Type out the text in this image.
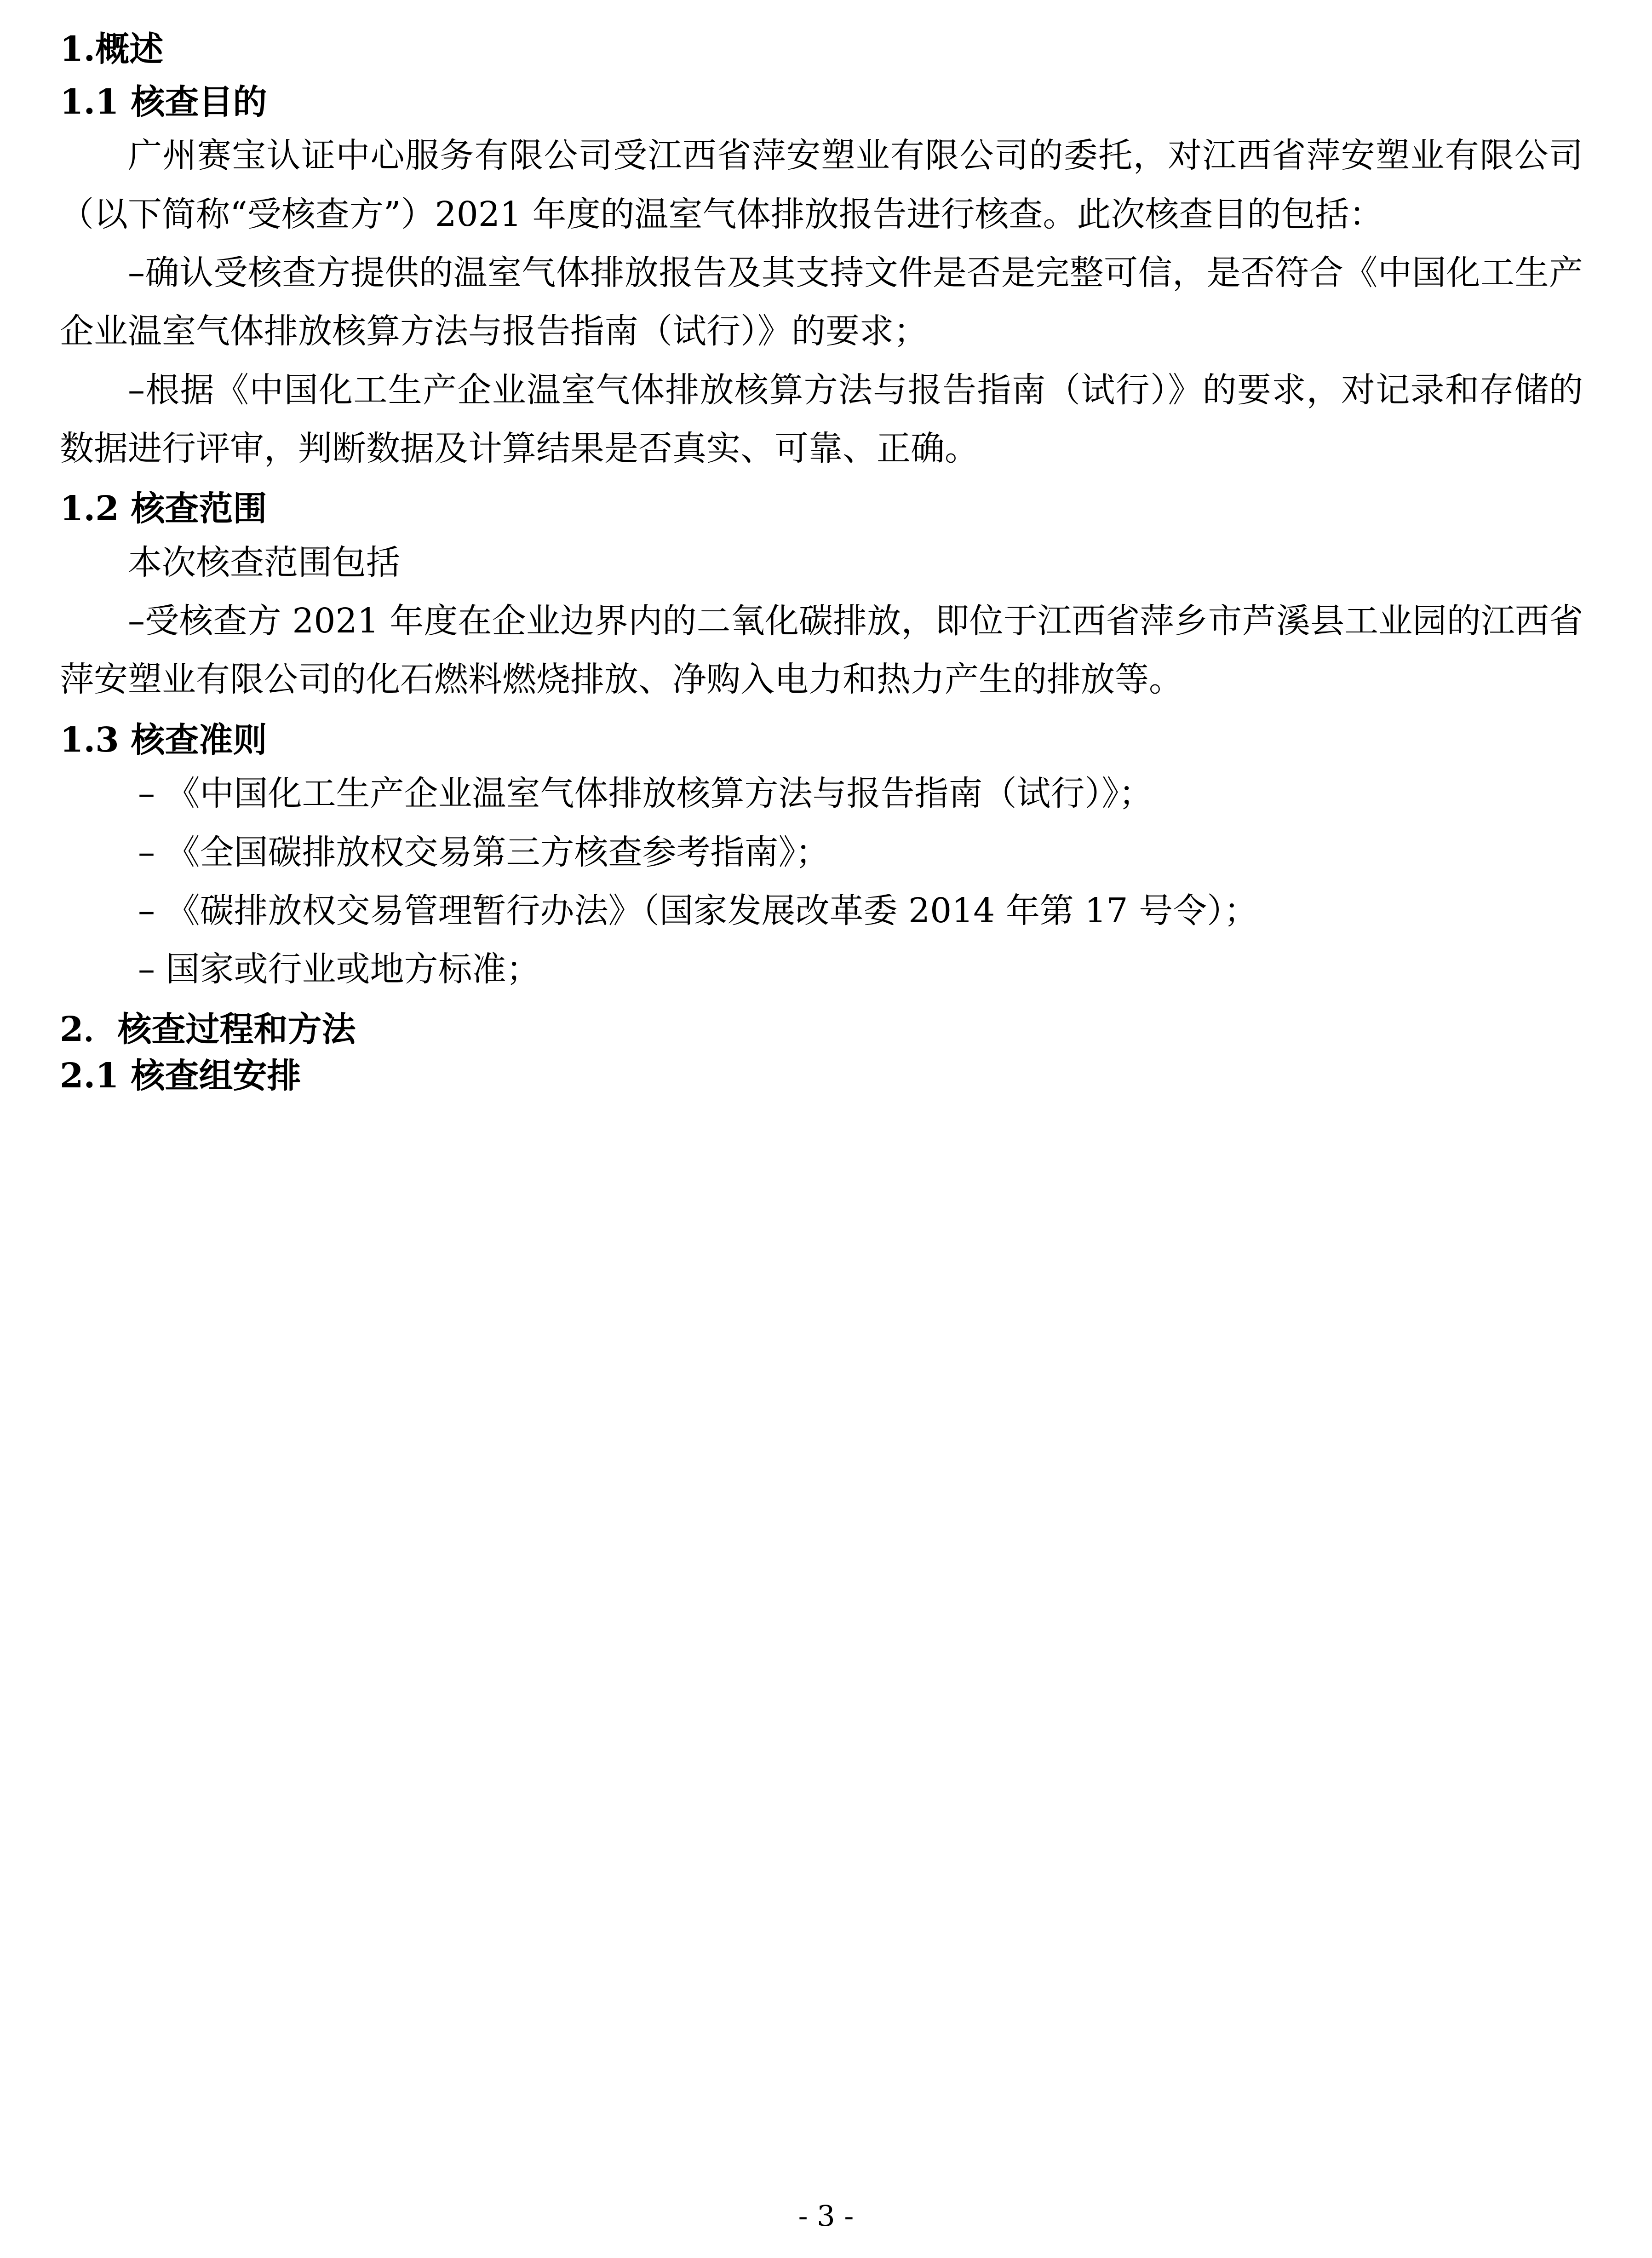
1.概述
1.1 核查目的

广州赛宝认证中心服务有限公司受江西省萍安塑业有限公司的委托，对江西省萍安塑业有限公司（以下简称“受核查方”）2021 年度的温室气体排放报告进行核查。此次核查目的包括：

–确认受核查方提供的温室气体排放报告及其支持文件是否是完整可信，是否符合《中国化工生产企业温室气体排放核算方法与报告指南（试行）》的要求；

–根据《中国化工生产企业温室气体排放核算方法与报告指南（试行）》的要求，对记录和存储的数据进行评审，判断数据及计算结果是否真实、可靠、正确。

1.2 核查范围

本次核查范围包括

–受核查方 2021 年度在企业边界内的二氧化碳排放，即位于江西省萍乡市芦溪县工业园的江西省萍安塑业有限公司的化石燃料燃烧排放、净购入电力和热力产生的排放等。

1.3 核查准则

– 《中国化工生产企业温室气体排放核算方法与报告指南（试行）》；

– 《全国碳排放权交易第三方核查参考指南》；

– 《碳排放权交易管理暂行办法》（国家发展改革委 2014 年第 17 号令）；

– 国家或行业或地方标准；

2．核查过程和方法
2.1 核查组安排
- 3 -
